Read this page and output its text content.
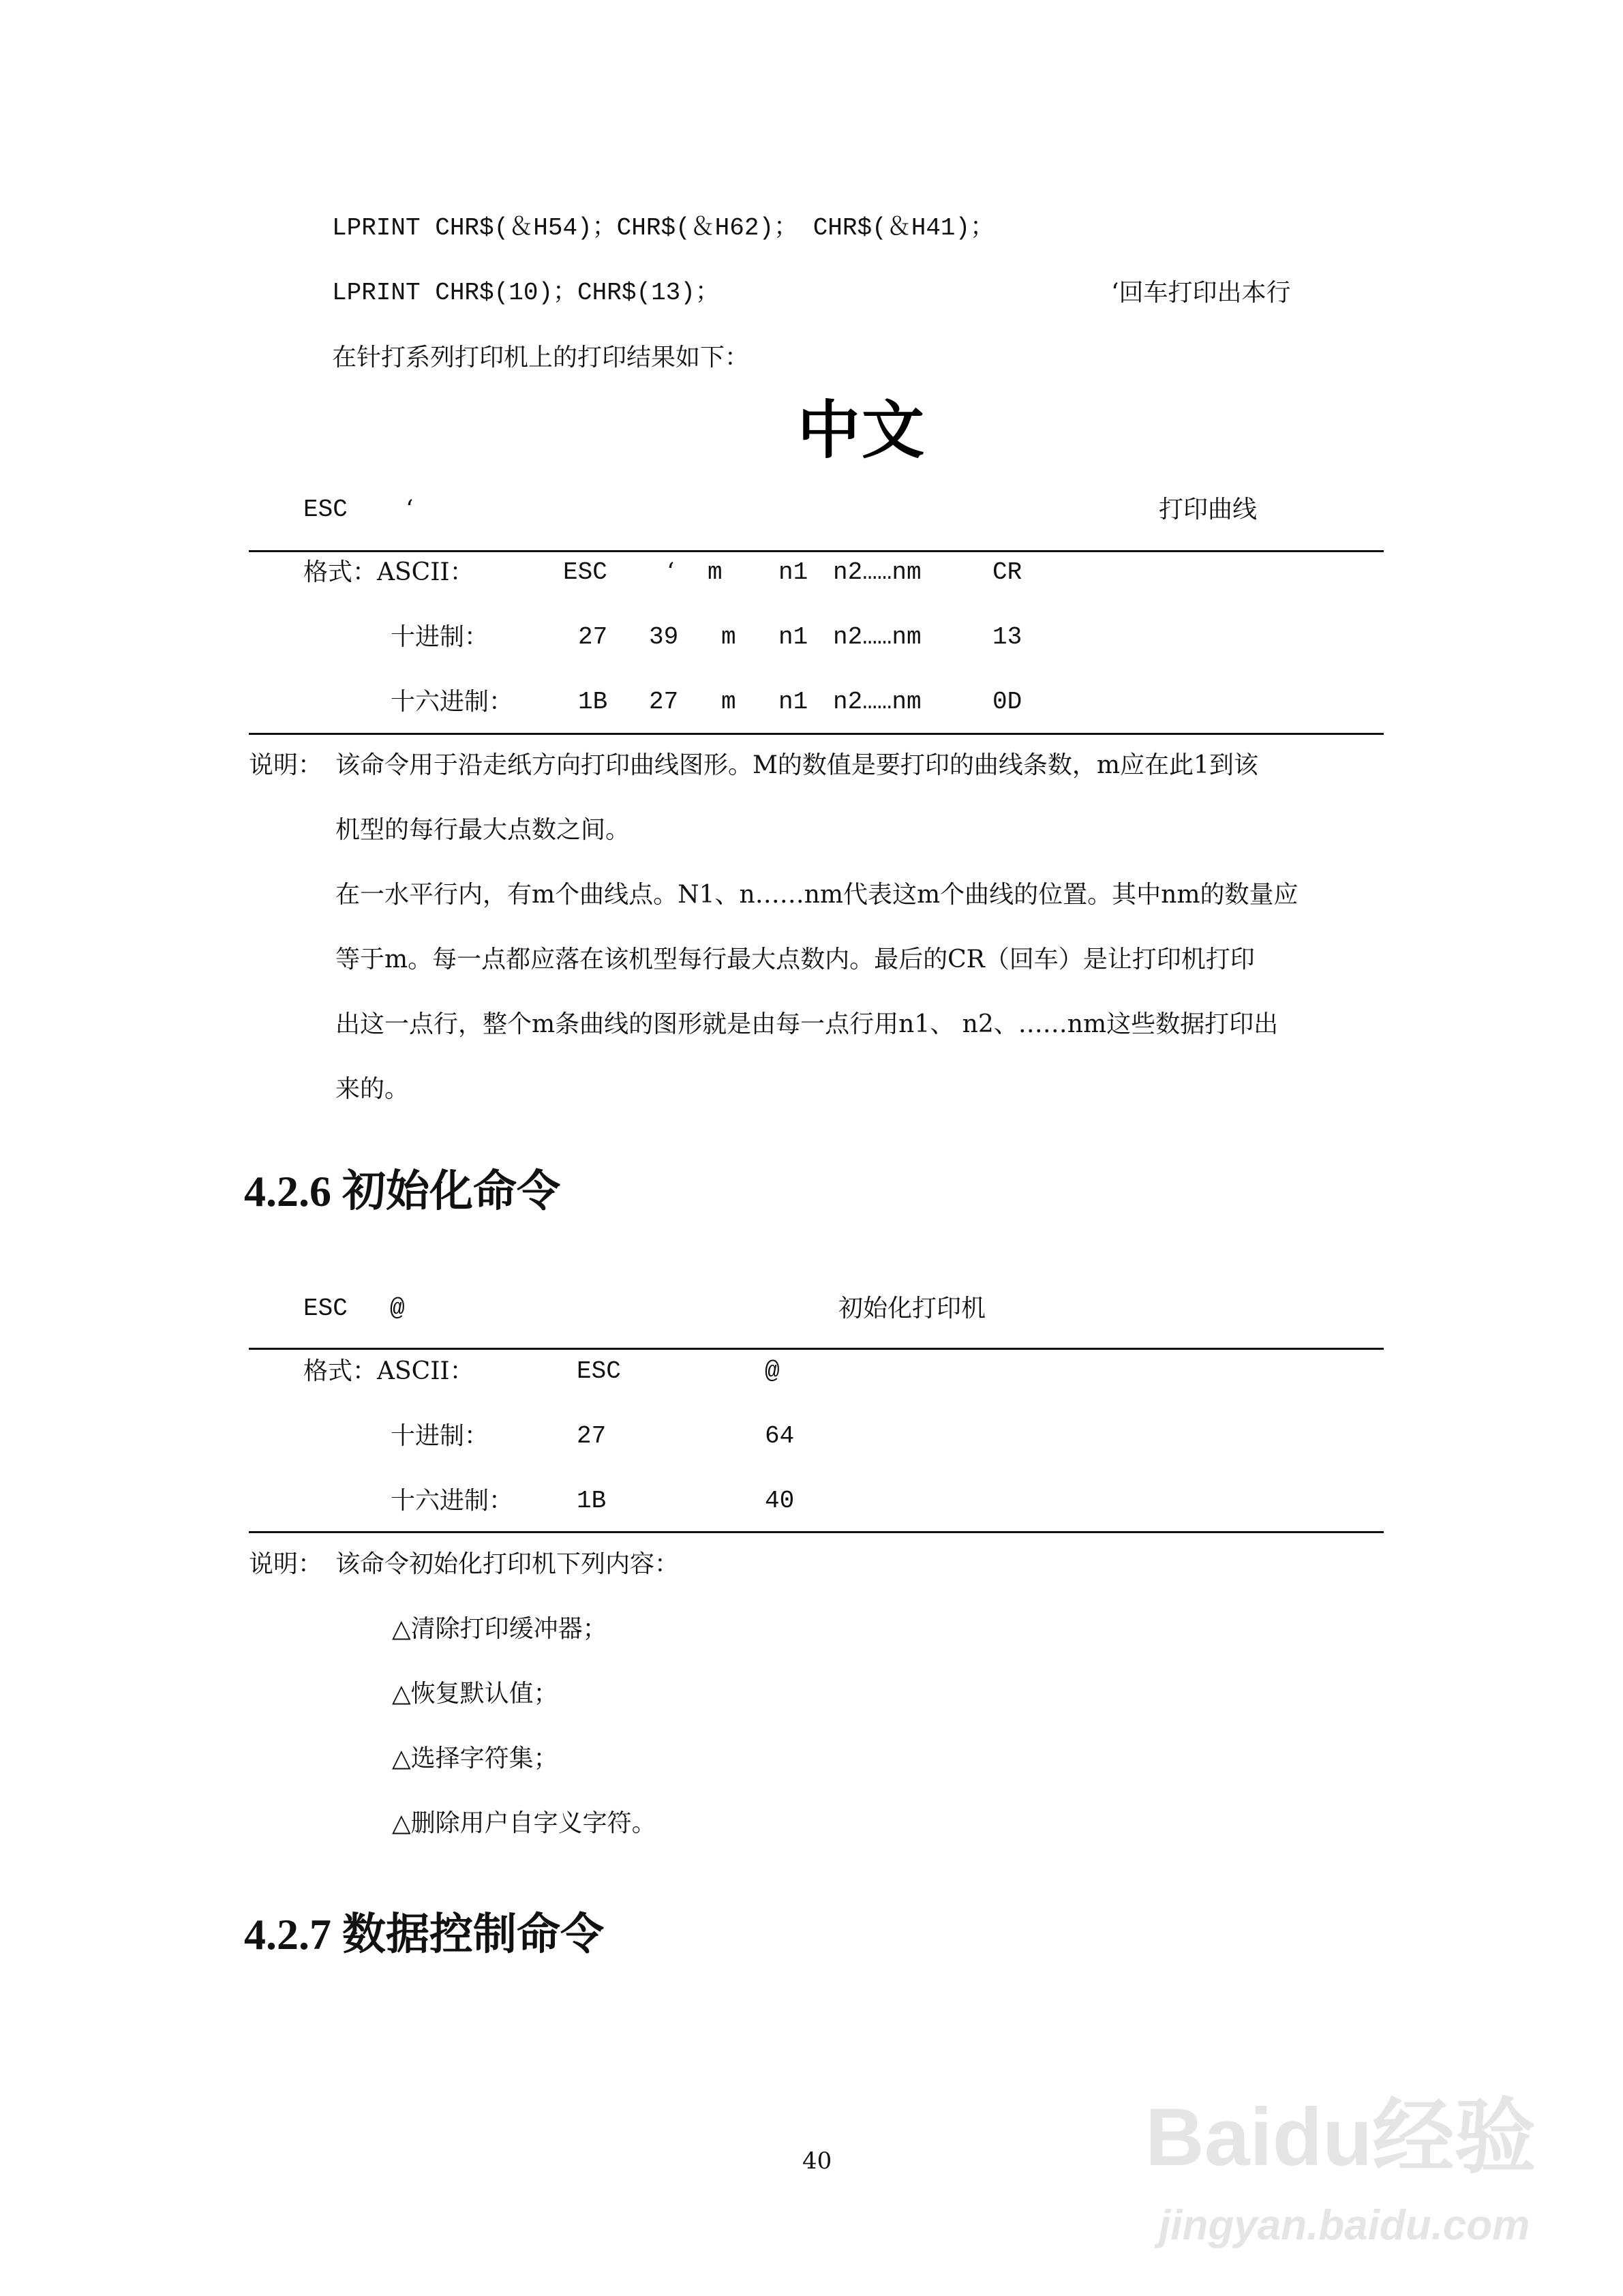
LPRINT CHR$(＆H54)；CHR$(＆H62)； CHR$(＆H41)；
LPRINT CHR$(10)；CHR$(13)；	‘回车打印出本行
在针打系列打印机上的打印结果如下：
中文
ESC ‘	打印曲线
格式：ASCII：	ESC ‘ m n1 n2……nm	CR
十进制：	27 39 m n1 n2……nm	13
十六进制：	1B 27 m n1 n2……nm	0D
说明： 该命令用于沿走纸方向打印曲线图形。M的数值是要打印的曲线条数，m应在此1到该
机型的每行最大点数之间。
在一水平行内，有m个曲线点。N1、n……nm代表这m个曲线的位置。其中nm的数量应
等于m。每一点都应落在该机型每行最大点数内。最后的CR（回车）是让打印机打印
出这一点行，整个m条曲线的图形就是由每一点行用n1、 n2、……nm这些数据打印出
来的。
4.2.6 初始化命令
ESC @	初始化打印机
格式：ASCII：	ESC	@
十进制：	27	64
十六进制：	1B	40
说明： 该命令初始化打印机下列内容：
△清除打印缓冲器；
△恢复默认值；
△选择字符集；
△删除用户自字义字符。
4.2.7 数据控制命令
40	Baidu经验
jingyan.baidu.com
